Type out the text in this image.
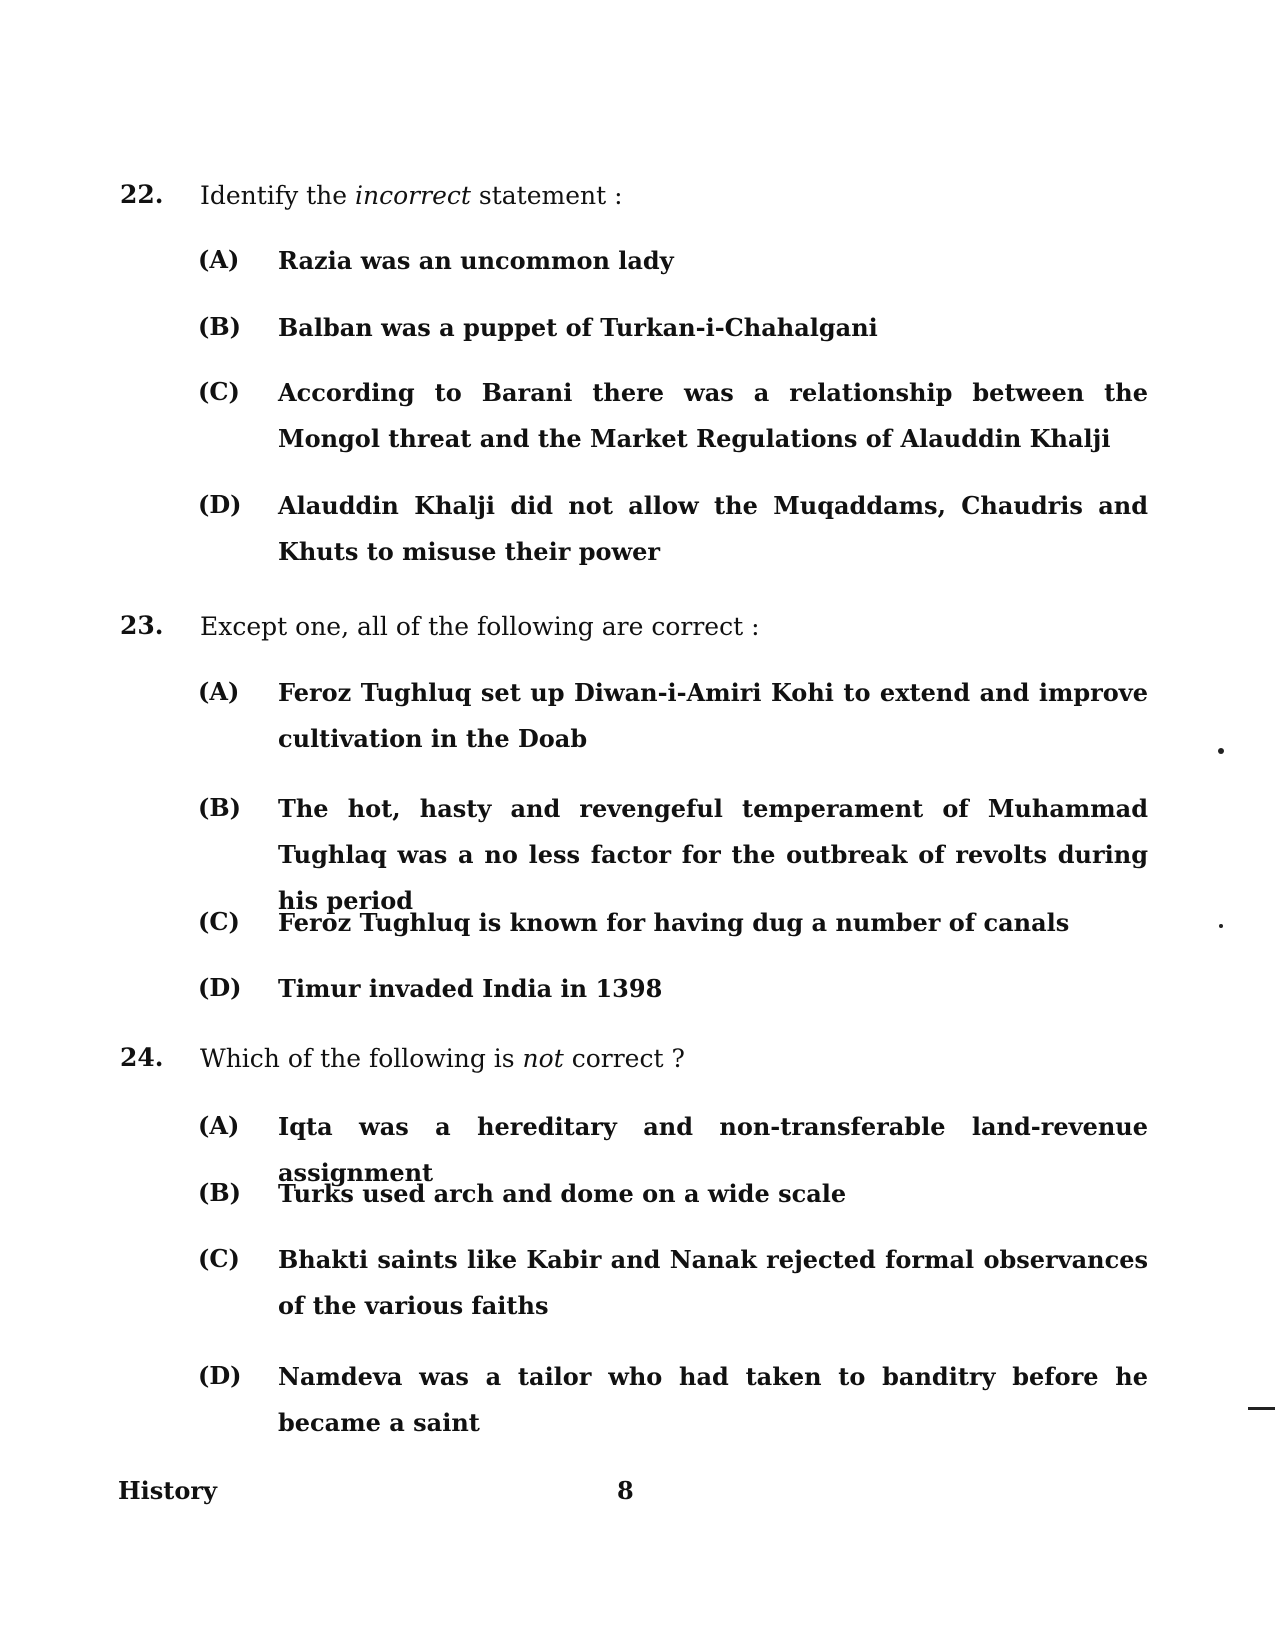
22. Identify the incorrect statement :
(A) Razia was an uncommon lady
(B) Balban was a puppet of Turkan-i-Chahalgani
(C) According to Barani there was a relationship between the Mongol threat and the Market Regulations of Alauddin Khalji
(D) Alauddin Khalji did not allow the Muqaddams, Chaudris and Khuts to misuse their power
23. Except one, all of the following are correct :
(A) Feroz Tughluq set up Diwan-i-Amiri Kohi to extend and improve cultivation in the Doab
(B) The hot, hasty and revengeful temperament of Muhammad Tughlaq was a no less factor for the outbreak of revolts during his period
(C) Feroz Tughluq is known for having dug a number of canals
(D) Timur invaded India in 1398
24. Which of the following is not correct ?
(A) Iqta was a hereditary and non-transferable land-revenue assignment
(B) Turks used arch and dome on a wide scale
(C) Bhakti saints like Kabir and Nanak rejected formal observances of the various faiths
(D) Namdeva was a tailor who had taken to banditry before he became a saint
History	8
